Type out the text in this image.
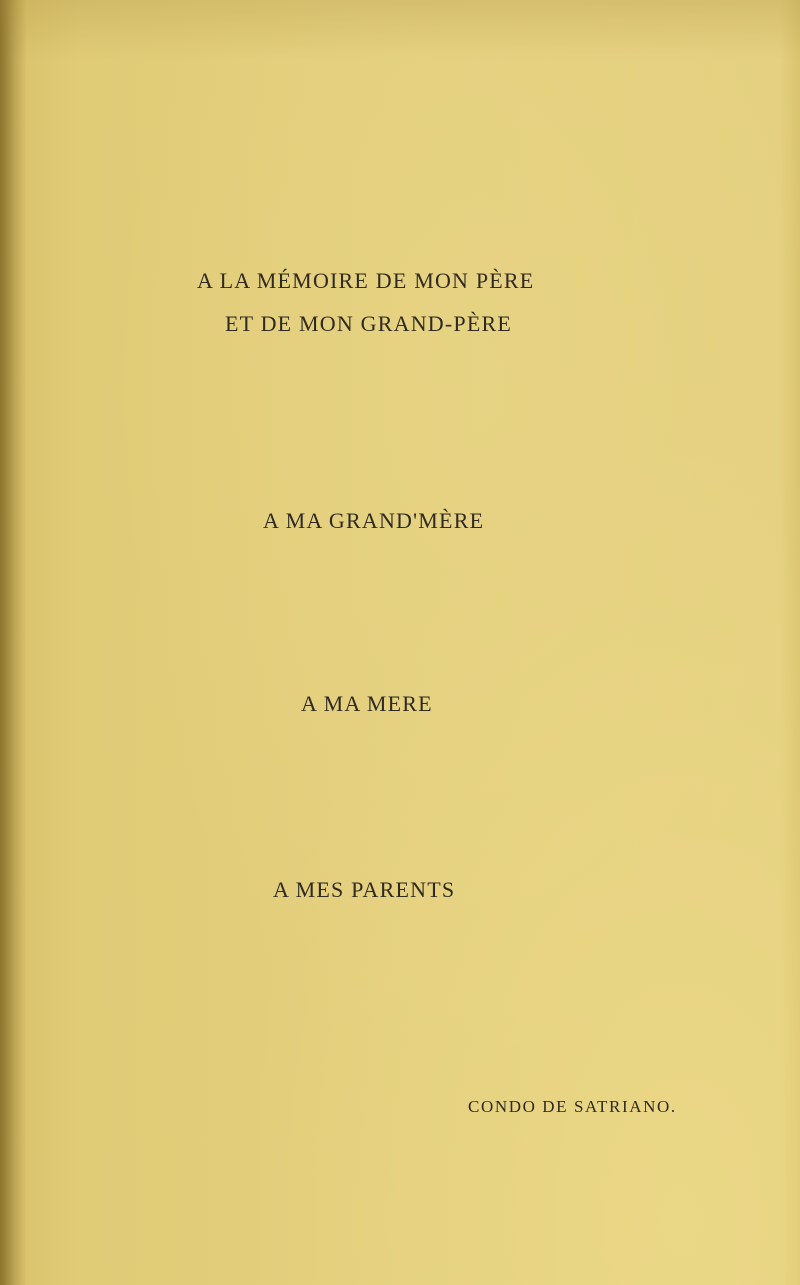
A LA MÉMOIRE DE MON PÈRE

ET DE MON GRAND-PÈRE

A MA GRAND'MÈRE

A MA MERE

A MES PARENTS

CONDO DE SATRIANO.
